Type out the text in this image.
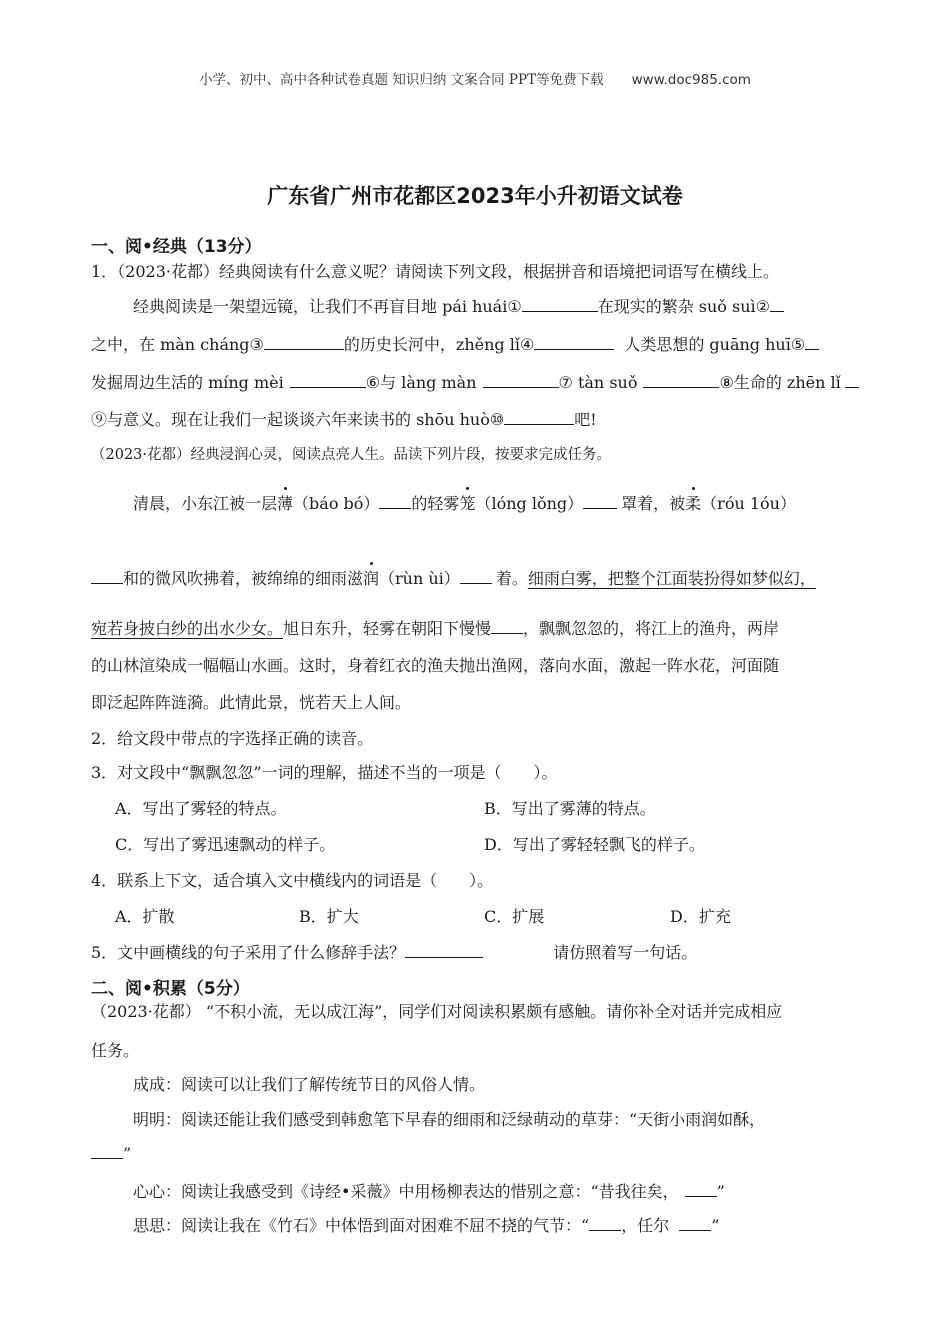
小学、初中、高中各种试卷真题 知识归纳 文案合同 PPT等免费下载 www.doc985.com
广东省广州市花都区2023年小升初语文试卷
一、阅•经典（13分）
1．（2023·花都）经典阅读有什么意义呢？请阅读下列文段，根据拼音和语境把词语写在横线上。
经典阅读是一架望远镜，让我们不再盲目地 pái huái①	在现实的繁杂 suǒ suì②
之中，在 màn cháng③	的历史长河中，zhěng lǐ④	人类思想的 guāng huī⑤
发掘周边生活的 míng mèi	⑥与 làng màn	⑦ tàn suǒ	⑧生命的 zhēn lǐ
⑨与意义。现在让我们一起谈谈六年来读书的 shōu huò⑩	吧!
（2023·花都）经典浸润心灵，阅读点亮人生。品读下列片段，按要求完成任务。
清晨，小东江被一层薄（báo bó） 的轻雾笼（lóng lǒng） 罩着，被柔（róu 1óu）
和的微风吹拂着，被绵绵的细雨滋润（rùn ùi） 着。细雨白雾，把整个江面装扮得如梦似幻，
宛若身披白纱的出水少女。旭日东升，轻雾在朝阳下慢慢 ，飘飘忽忽的，将江上的渔舟，两岸
的山林渲染成一幅幅山水画。这时，身着红衣的渔夫抛出渔网，落向水面，激起一阵水花，河面随
即泛起阵阵涟漪。此情此景，恍若天上人间。
2．给文段中带点的字选择正确的读音。
3．对文段中“飘飘忽忽”一词的理解，描述不当的一项是（　　）。
A．写出了雾轻的特点。	B．写出了雾薄的特点。
C．写出了雾迅速飘动的样子。	D．写出了雾轻轻飘飞的样子。
4．联系上下文，适合填入文中横线内的词语是（　　）。
A．扩散	B．扩大	C．扩展	D．扩充
5．文中画横线的句子采用了什么修辞手法？	请仿照着写一句话。
二、阅•积累（5分）
（2023·花都） “不积小流，无以成江海”，同学们对阅读积累颇有感触。请你补全对话并完成相应
任务。
成成：阅读可以让我们了解传统节日的风俗人情。
明明：阅读还能让我们感受到韩愈笔下早春的细雨和泛绿萌动的草芽：“天街小雨润如酥，
”
心心：阅读让我感受到《诗经•采薇》中用杨柳表达的惜别之意：“昔我往矣， ”
思思：阅读让我在《竹石》中体悟到面对困难不屈不挠的气节：“ ，任尔	”
